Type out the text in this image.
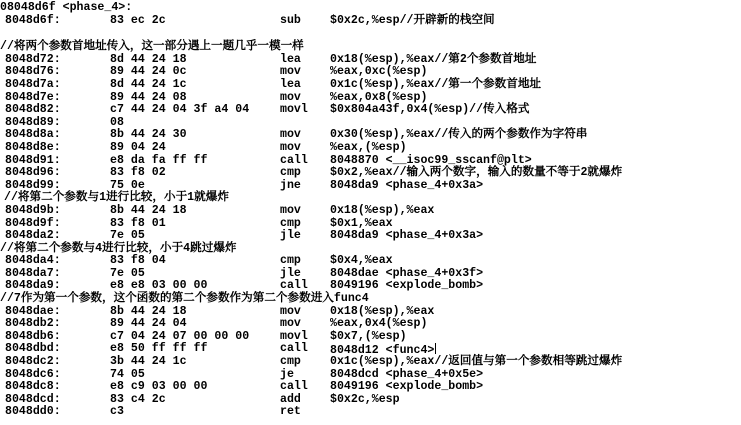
08048d6f <phase_4>:

8048d6f:	83 ec 2c	sub	$0x2c,%esp//开辟新的栈空间
//将两个参数首地址传入，这一部分遇上一题几乎一模一样
8048d72:	8d 44 24 18	lea	0x18(%esp),%eax//第2个参数首地址
8048d76:	89 44 24 0c	mov	%eax,0xc(%esp)
8048d7a:	8d 44 24 1c	lea	0x1c(%esp),%eax//第一个参数首地址
8048d7e:	89 44 24 08	mov	%eax,0x8(%esp)
8048d82:	c7 44 24 04 3f a4 04	movl $0x804a43f,0x4(%esp)//传入格式
8048d89:	08
8048d8a:	8b 44 24 30	mov	0x30(%esp),%eax//传入的两个参数作为字符串
8048d8e:	89 04 24	mov	%eax,(%esp)
8048d91:	e8 da fa ff ff	call 8048870 <__isoc99_sscanf@plt>
8048d96:	83 f8 02	cmp	$0x2,%eax//输入两个数字，输入的数量不等于2就爆炸
8048d99:	75 0e	jne	8048da9 <phase_4+0x3a>
//将第二个参数与1进行比较，小于1就爆炸
8048d9b:	8b 44 24 18	mov	0x18(%esp),%eax
8048d9f:	83 f8 01	cmp	$0x1,%eax
8048da2:	7e 05	jle	8048da9 <phase_4+0x3a>
//将第二个参数与4进行比较，小于4跳过爆炸
8048da4:	83 f8 04	cmp	$0x4,%eax
8048da7:	7e 05	jle	8048dae <phase_4+0x3f>
8048da9:	e8 e8 03 00 00	call 8049196 <explode_bomb>
//7作为第一个参数，这个函数的第二个参数作为第二个参数进入func4
8048dae:	8b 44 24 18	mov	0x18(%esp),%eax
8048db2:	89 44 24 04	mov	%eax,0x4(%esp)
8048db6:	c7 04 24 07 00 00 00	movl $0x7,(%esp)
8048dbd:	e8 50 ff ff ff	call 8048d12 <func4>
8048dc2:	3b 44 24 1c	cmp	0x1c(%esp),%eax//返回值与第一个参数相等跳过爆炸
8048dc6:	74 05	je	8048dcd <phase_4+0x5e>
8048dc8:	e8 c9 03 00 00	call 8049196 <explode_bomb>
8048dcd:	83 c4 2c	add	$0x2c,%esp
8048dd0:	c3	ret
